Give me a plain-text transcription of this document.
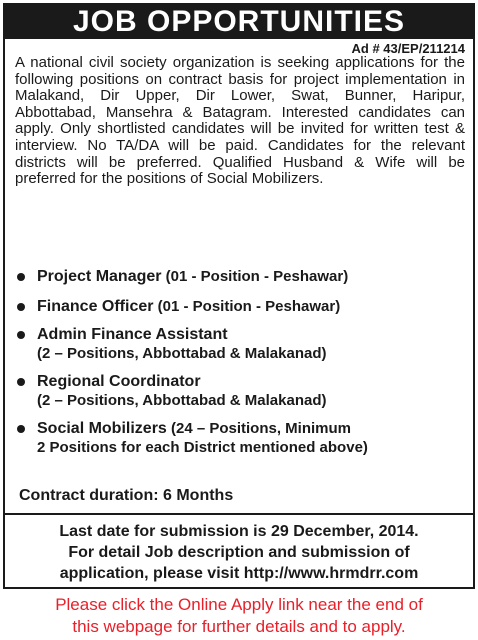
JOB OPPORTUNITIES
Ad # 43/EP/211214
A national civil society organization is seeking applications for the following positions on contract basis for project implementation in Malakand, Dir Upper, Dir Lower, Swat, Bunner, Haripur, Abbottabad, Mansehra & Batagram. Interested candidates can apply. Only shortlisted candidates will be invited for written test & interview. No TA/DA will be paid. Candidates for the relevant districts will be preferred. Qualified Husband & Wife will be preferred for the positions of Social Mobilizers.
Project Manager (01 - Position - Peshawar)
Finance Officer (01 - Position - Peshawar)
Admin Finance Assistant
(2 – Positions, Abbottabad & Malakanad)
Regional Coordinator
(2 – Positions, Abbottabad & Malakanad)
Social Mobilizers (24 – Positions, Minimum
2 Positions for each District mentioned above)
Contract duration: 6 Months
Last date for submission is 29 December, 2014.
For detail Job description and submission of
application, please visit http://www.hrmdrr.com
Please click the Online Apply link near the end of
this webpage for further details and to apply.
